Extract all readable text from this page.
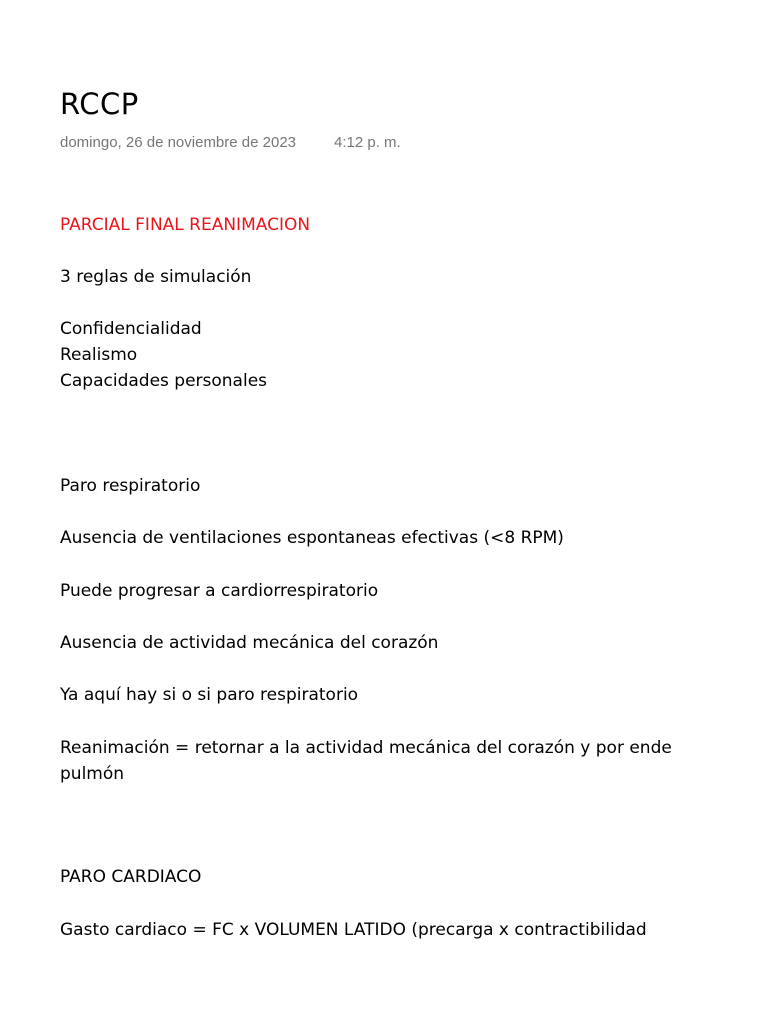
RCCP
domingo, 26 de noviembre de 2023	4:12 p. m.
PARCIAL FINAL REANIMACION
3 reglas de simulación
Confidencialidad
Realismo
Capacidades personales
Paro respiratorio
Ausencia de ventilaciones espontaneas efectivas (<8 RPM)
Puede progresar a cardiorrespiratorio
Ausencia de actividad mecánica del corazón
Ya aquí hay si o si paro respiratorio
Reanimación = retornar a la actividad mecánica del corazón y por ende
pulmón
PARO CARDIACO
Gasto cardiaco = FC x VOLUMEN LATIDO (precarga x contractibilidad
